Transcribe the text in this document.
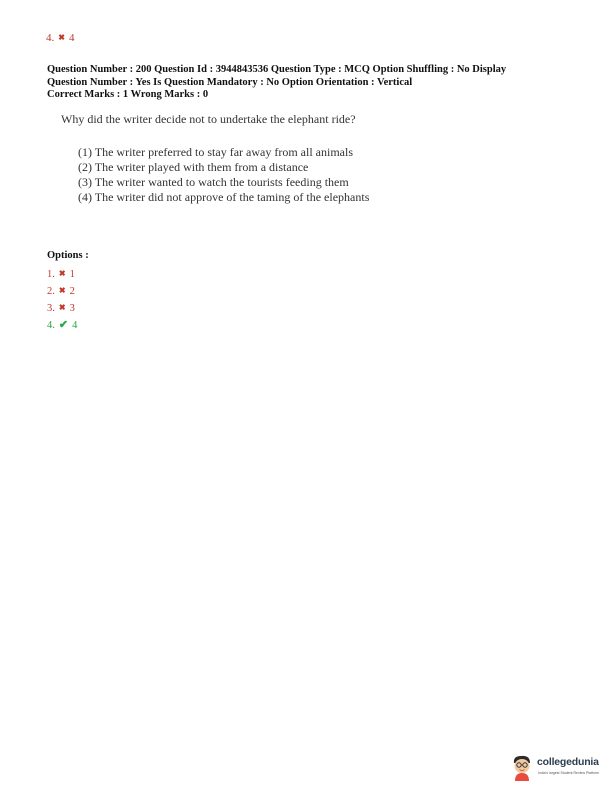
4. ✖ 4
Question Number : 200 Question Id : 3944843536 Question Type : MCQ Option Shuffling : No Display
Question Number : Yes Is Question Mandatory : No Option Orientation : Vertical
Correct Marks : 1 Wrong Marks : 0
Why did the writer decide not to undertake the elephant ride?
(1) The writer preferred to stay far away from all animals
(2) The writer played with them from a distance
(3) The writer wanted to watch the tourists feeding them
(4) The writer did not approve of the taming of the elephants
Options :
1. ✖ 1
2. ✖ 2
3. ✖ 3
4. ✔ 4
collegedunia
India's largest Student Review Platform
